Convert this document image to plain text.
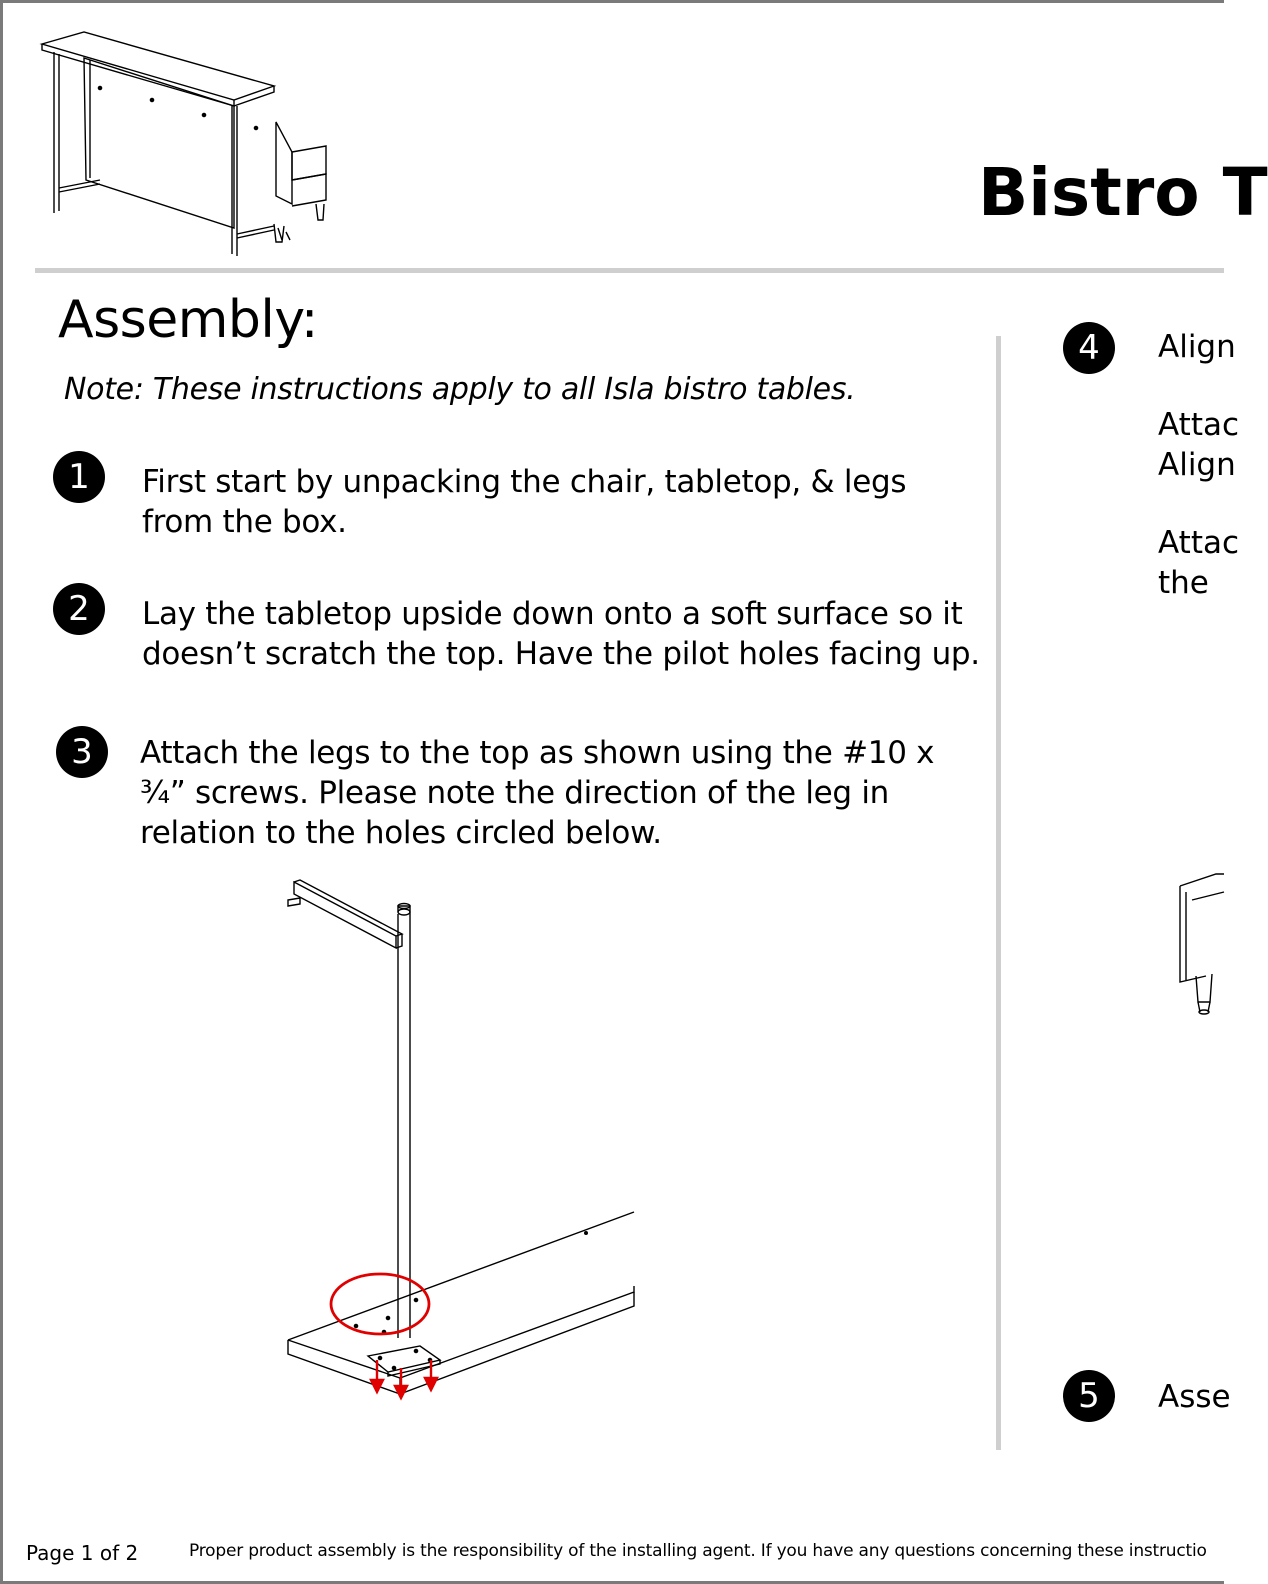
Bistro T
Assembly:
Note: These instructions apply to all Isla bistro tables.
1	First start by unpacking the chair, tabletop, & legs
from the box.
2	Lay the tabletop upside down onto a soft surface so it
doesn’t scratch the top. Have the pilot holes facing up.
3	Attach the legs to the top as shown using the #10 x
¾” screws. Please note the direction of the leg in
relation to the holes circled below.
4	Align
Attac
Align
Attac
the
5	Asse
Page 1 of 2	Proper product assembly is the responsibility of the installing agent. If you have any questions concerning these instructio
